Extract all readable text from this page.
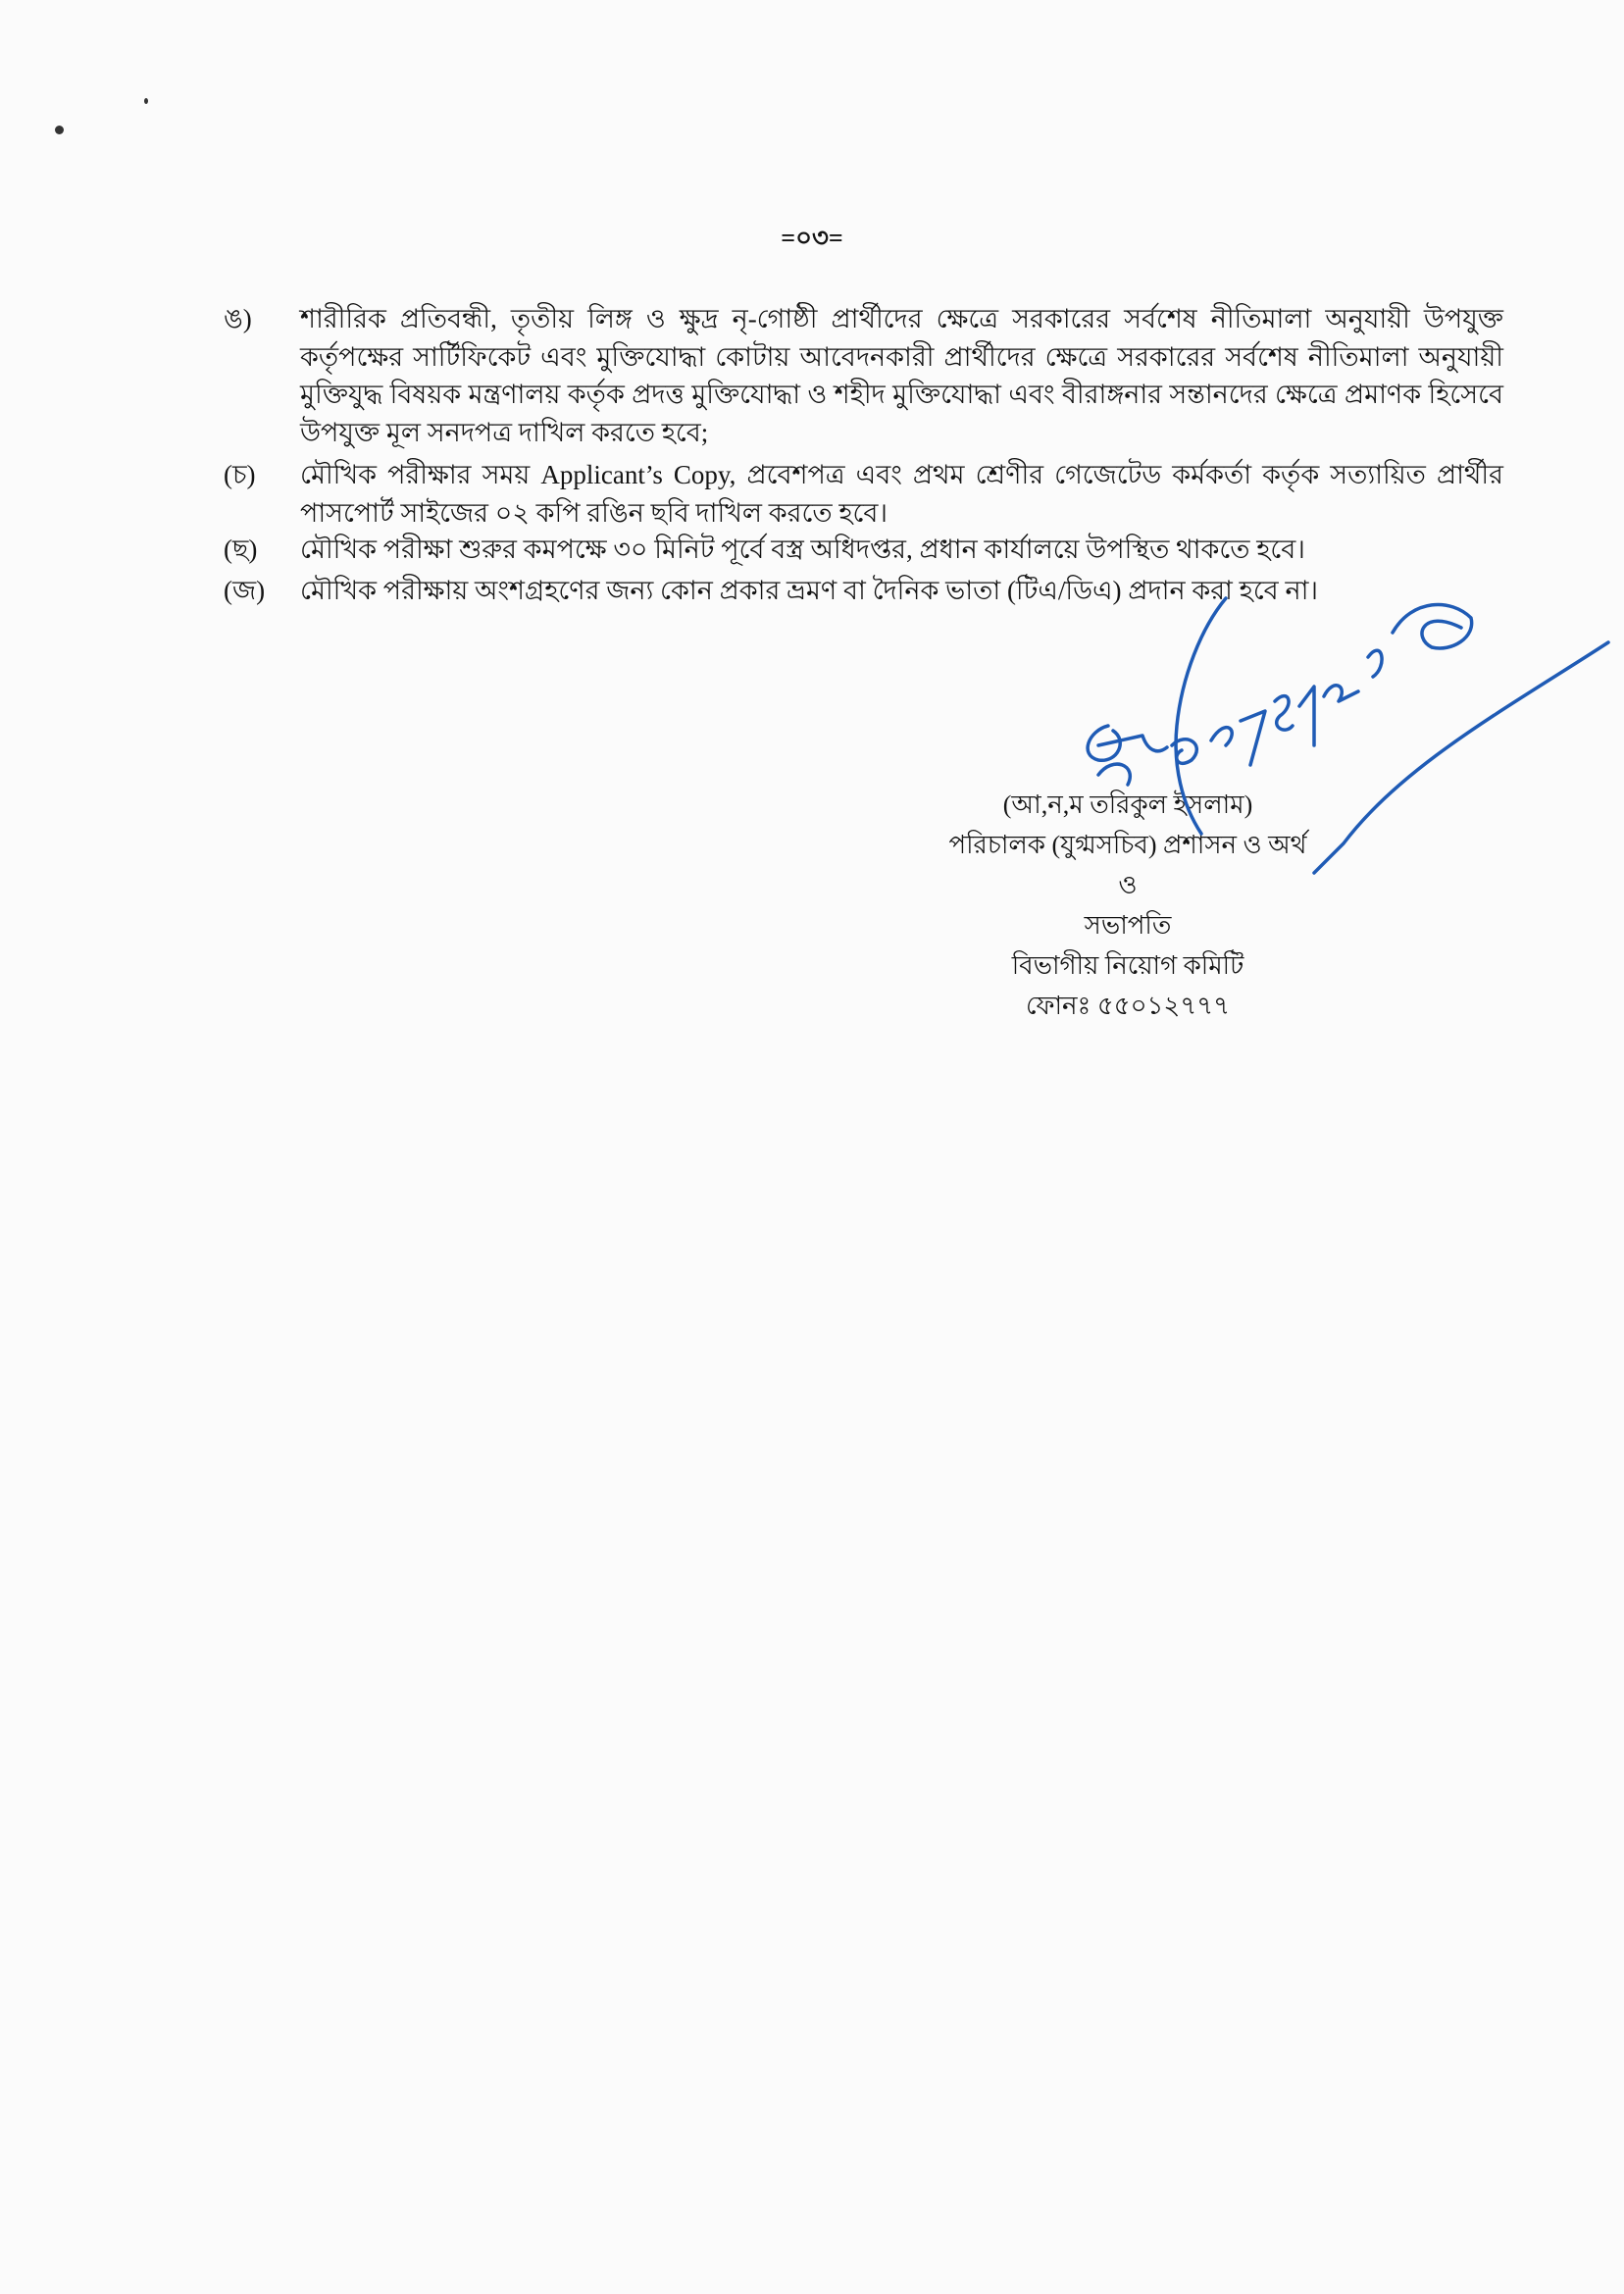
=০৩=
ঙ)	শারীরিক প্রতিবন্ধী, তৃতীয় লিঙ্গ ও ক্ষুদ্র নৃ-গোষ্ঠী প্রার্থীদের ক্ষেত্রে সরকারের সর্বশেষ নীতিমালা অনুযায়ী উপযুক্ত কর্তৃপক্ষের সার্টিফিকেট এবং মুক্তিযোদ্ধা কোটায় আবেদনকারী প্রার্থীদের ক্ষেত্রে সরকারের সর্বশেষ নীতিমালা অনুযায়ী মুক্তিযুদ্ধ বিষয়ক মন্ত্রণালয় কর্তৃক প্রদত্ত মুক্তিযোদ্ধা ও শহীদ মুক্তিযোদ্ধা এবং বীরাঙ্গনার সন্তানদের ক্ষেত্রে প্রমাণক হিসেবে উপযুক্ত মূল সনদপত্র দাখিল করতে হবে;
(চ)	মৌখিক পরীক্ষার সময় Applicant’s Copy, প্রবেশপত্র এবং প্রথম শ্রেণীর গেজেটেড কর্মকর্তা কর্তৃক সত্যায়িত প্রার্থীর পাসপোর্ট সাইজের ০২ কপি রঙিন ছবি দাখিল করতে হবে।
(ছ)	মৌখিক পরীক্ষা শুরুর কমপক্ষে ৩০ মিনিট পূর্বে বস্ত্র অধিদপ্তর, প্রধান কার্যালয়ে উপস্থিত থাকতে হবে।
(জ)	মৌখিক পরীক্ষায় অংশগ্রহণের জন্য কোন প্রকার ভ্রমণ বা দৈনিক ভাতা (টিএ/ডিএ) প্রদান করা হবে না।
(আ,ন,ম তরিকুল ইসলাম)
পরিচালক (যুগ্মসচিব) প্রশাসন ও অর্থ
ও
সভাপতি
বিভাগীয় নিয়োগ কমিটি
ফোনঃ ৫৫০১২৭৭৭
